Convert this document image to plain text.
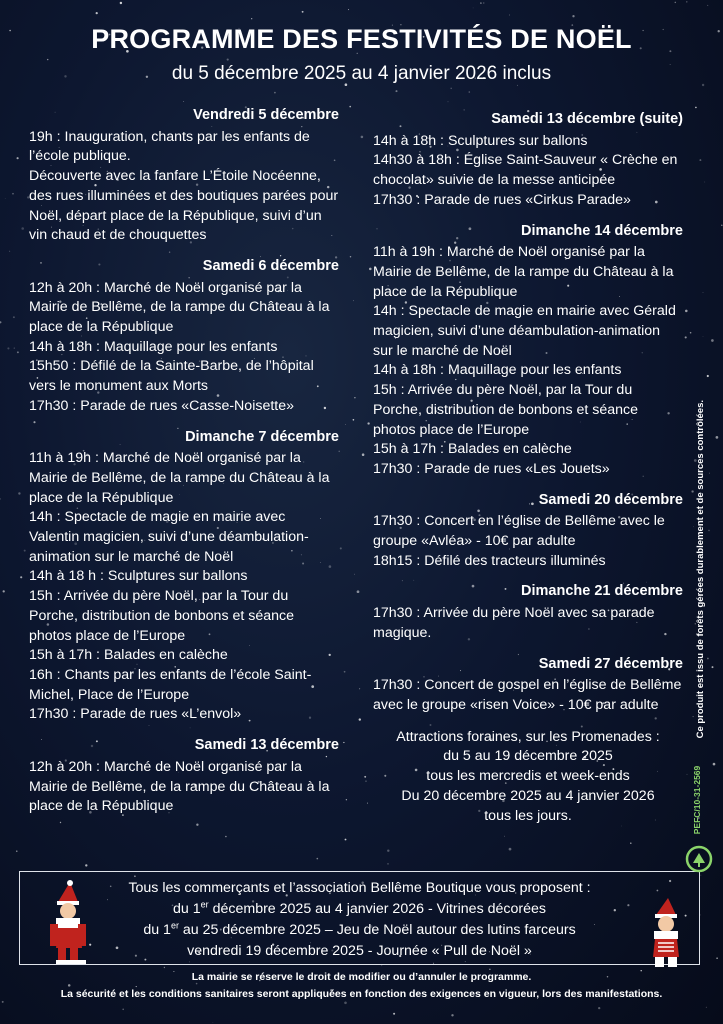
PROGRAMME DES FESTIVITÉS DE NOËL
du 5 décembre 2025 au 4 janvier 2026 inclus
Vendredi 5 décembre
19h : Inauguration, chants par les enfants de l’école publique.
Découverte avec la fanfare L’Étoile Nocéenne, des rues illuminées et des boutiques parées pour Noël, départ place de la République, suivi d’un vin chaud et de chouquettes
Samedi 6 décembre
12h à 20h : Marché de Noël organisé par la Mairie de Bellême, de la rampe du Château à la place de la République
14h à 18h : Maquillage pour les enfants
15h50 : Défilé de la Sainte-Barbe, de l’hôpital vers le monument aux Morts
17h30 : Parade de rues «Casse-Noisette»
Dimanche 7 décembre
11h à 19h : Marché de Noël organisé par la Mairie de Bellême, de la rampe du Château à la place de la République
14h : Spectacle de magie en mairie avec Valentin magicien, suivi d’une déambulation-animation sur le marché de Noël
14h à 18 h : Sculptures sur ballons
15h : Arrivée du père Noël, par la Tour du Porche, distribution de bonbons et séance photos place de l’Europe
15h à 17h : Balades en calèche
16h : Chants par les enfants de l’école Saint-Michel, Place de l’Europe
17h30 : Parade de rues «L’envol»
Samedi 13 décembre
12h à 20h : Marché de Noël organisé par la Mairie de Bellême, de la rampe du Château à la place de la République
Samedi 13 décembre (suite)
14h à 18h : Sculptures sur ballons
14h30 à 18h : Église Saint-Sauveur « Crèche en chocolat» suivie de la messe anticipée
17h30 : Parade de rues «Cirkus Parade»
Dimanche 14 décembre
11h à 19h : Marché de Noël organisé par la Mairie de Bellême, de la rampe du Château à la place de la République
14h : Spectacle de magie en mairie avec Gérald magicien, suivi d’une déambulation-animation sur le marché de Noël
14h à 18h : Maquillage pour les enfants
15h : Arrivée du père Noël, par la Tour du Porche, distribution de bonbons et séance photos place de l’Europe
15h à 17h : Balades en calèche
17h30 : Parade de rues «Les Jouets»
Samedi 20 décembre
17h30 : Concert en l’église de Bellême avec le groupe «Avléa» - 10€ par adulte
18h15 : Défilé des tracteurs illuminés
Dimanche 21 décembre
17h30 : Arrivée du père Noël avec sa parade magique.
Samedi 27 décembre
17h30 : Concert de gospel en l’église de Bellême avec le groupe «risen Voice» - 10€ par adulte
Attractions foraines, sur les Promenades :
du 5 au 19 décembre 2025
tous les mercredis et week-ends
Du 20 décembre 2025 au 4 janvier 2026
tous les jours.
Tous les commerçants et l’association Bellême Boutique vous proposent :
du 1er décembre 2025 au 4 janvier 2026 - Vitrines décorées
du 1er au 25 décembre 2025 – Jeu de Noël autour des lutins farceurs
vendredi 19 décembre 2025 - Journée « Pull de Noël »
La mairie se réserve le droit de modifier ou d’annuler le programme.
La sécurité et les conditions sanitaires seront appliquées en fonction des exigences en vigueur, lors des manifestations.
Ce produit est issu de forêts gérées durablement et de sources contrôlées.
PEFC/10-31-2569
